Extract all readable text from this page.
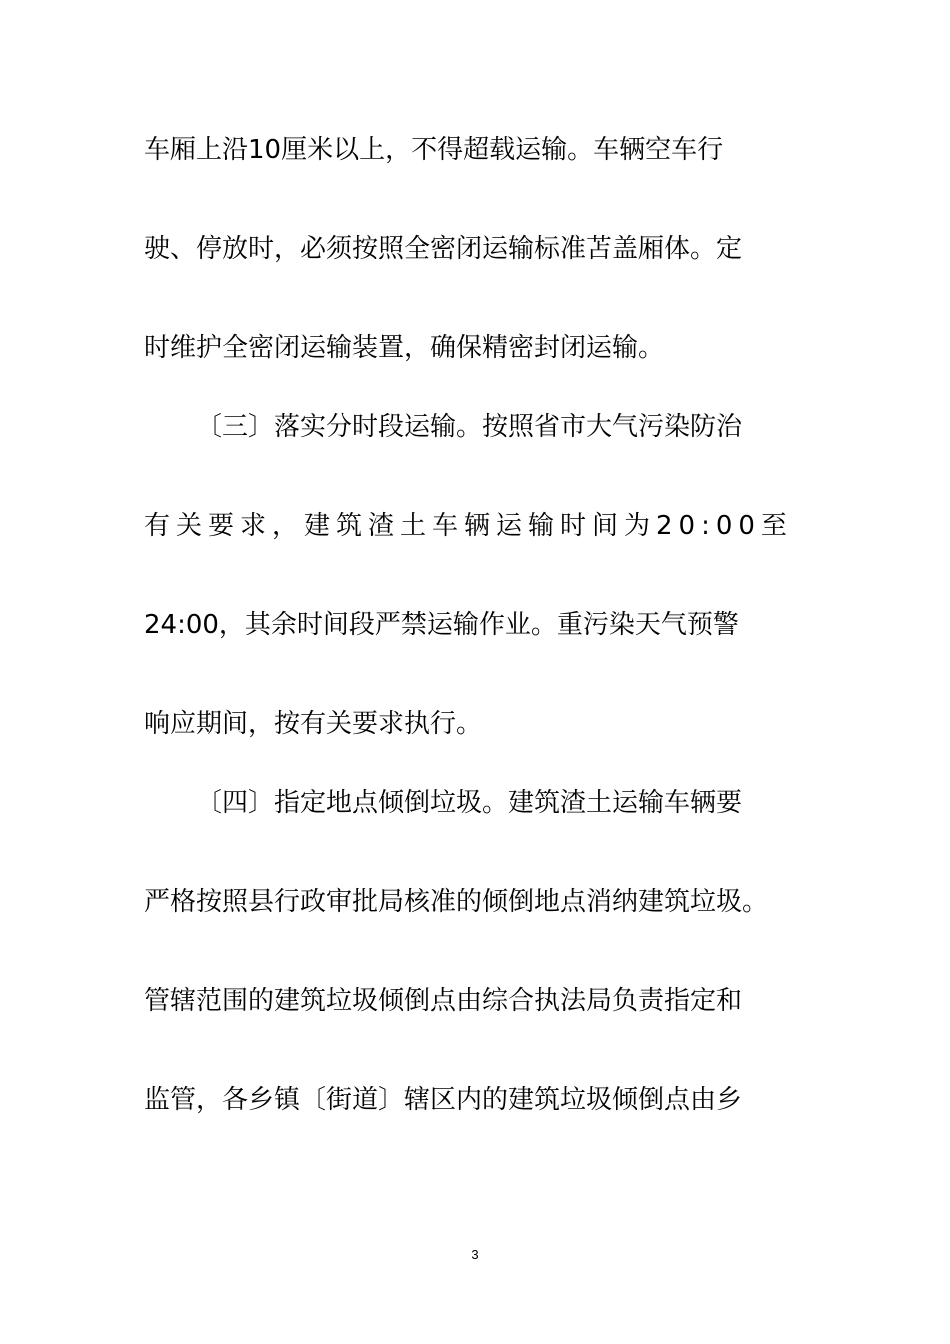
车厢上沿10厘米以上，不得超载运输。车辆空车行
驶、停放时，必须按照全密闭运输标准苫盖厢体。定
时维护全密闭运输装置，确保精密封闭运输。
〔三〕落实分时段运输。按照省市大气污染防治
有关要求，建筑渣土车辆运输时间为20:00至
24:00，其余时间段严禁运输作业。重污染天气预警
响应期间，按有关要求执行。
〔四〕指定地点倾倒垃圾。建筑渣土运输车辆要
严格按照县行政审批局核准的倾倒地点消纳建筑垃圾。
管辖范围的建筑垃圾倾倒点由综合执法局负责指定和
监管，各乡镇〔街道〕辖区内的建筑垃圾倾倒点由乡
3
